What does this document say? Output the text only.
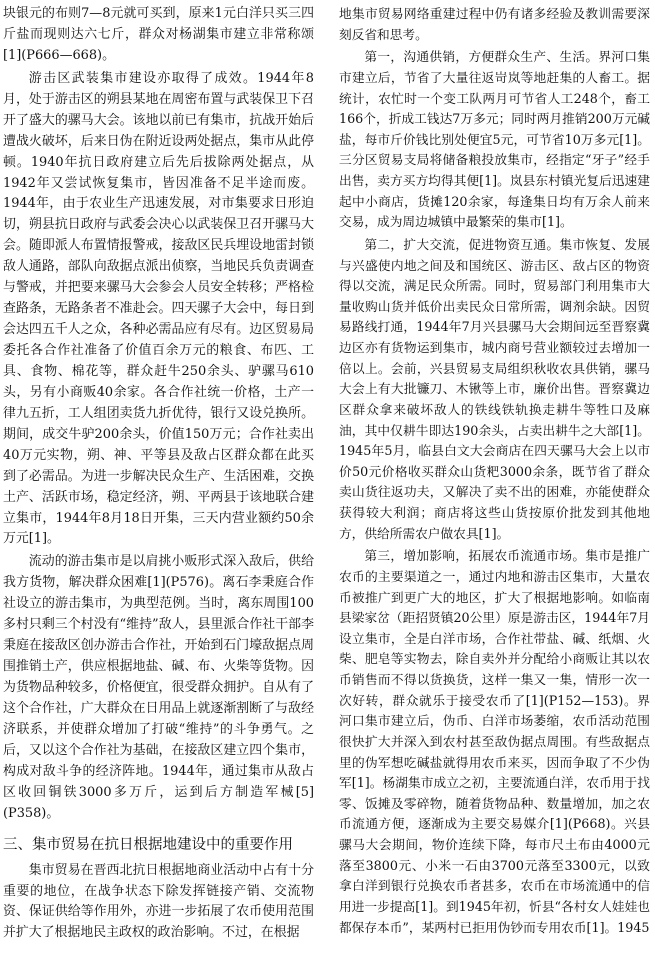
块银元的布则7—8元就可买到，原来1元白洋只买三四斤盐而现则达六七斤，群众对杨湖集市建立非常称颂[1](P666—668)。

游击区武装集市建设亦取得了成效。1944年8月，处于游击区的朔县某地在周密布置与武装保卫下召开了盛大的骡马大会。该地以前已有集市，抗战开始后遭战火破坏，后来日伪在附近设两处据点，集市从此停顿。1940年抗日政府建立后先后拔除两处据点，从1942年又尝试恢复集市，皆因准备不足半途而废。1944年，由于农业生产迅速发展，对市集要求日形迫切，朔县抗日政府与武委会决心以武装保卫召开骡马大会。随即派人布置情报警戒，接敌区民兵埋设地雷封锁敌人通路，部队向敌据点派出侦察，当地民兵负责调查与警戒，并把要来骡马大会参会人员安全转移；严格检查路条，无路条者不准赴会。四天骡子大会中，每日到会达四五千人之众，各种必需品应有尽有。边区贸易局委托各合作社准备了价值百余万元的粮食、布匹、工具、食物、棉花等，群众赶牛250余头、驴骡马610头，另有小商贩40余家。各合作社统一价格，土产一律九五折，工人组团卖货九折优待，银行又设兑换所。期间，成交牛驴200余头，价值150万元；合作社卖出40万元实物，朔、神、平等县及敌占区群众都在此买到了必需品。为进一步解决民众生产、生活困难，交换土产、活跃市场，稳定经济，朔、平两县于该地联合建立集市，1944年8月18日开集，三天内营业额约50余万元[1]。

流动的游击集市是以肩挑小贩形式深入敌后，供给我方货物，解决群众困难[1](P576)。离石李秉庭合作社设立的游击集市，为典型范例。当时，离东周围100多村只剩三个村没有“维持”敌人，县里派合作社干部李秉庭在接敌区创办游击合作社，开始到石门壕敌据点周围推销土产，供应根据地盐、碱、布、火柴等货物。因为货物品种较多，价格便宜，很受群众拥护。自从有了这个合作社，广大群众在日用品上就逐渐割断了与敌经济联系，并使群众增加了打破“维持”的斗争勇气。之后，又以这个合作社为基础，在接敌区建立四个集市，构成对敌斗争的经济阵地。1944年，通过集市从敌占区收回铜铁3000多万斤，运到后方制造军械[5](P358)。

三、集市贸易在抗日根据地建设中的重要作用

集市贸易在晋西北抗日根据地商业活动中占有十分重要的地位，在战争状态下除发挥链接产销、交流物资、保证供给等作用外，亦进一步拓展了农币使用范围并扩大了根据地民主政权的政治影响。不过，在根据

地集市贸易网络重建过程中仍有诸多经验及教训需要深刻反省和思考。

第一，沟通供销，方便群众生产、生活。界河口集市建立后，节省了大量往返岢岚等地赶集的人畜工。据统计，农忙时一个变工队两月可节省人工248个，畜工166个，折成工钱达7万多元；同时两月推销200万元碱盐，每市斤价钱比别处便宜5元，可节省10万多元[1]。三分区贸易支局将储备粮投放集市，经指定“牙子”经手出售，卖方买方均得其便[1]。岚县东村镇光复后迅速建起中小商店，货摊120余家，每逢集日均有万余人前来交易，成为周边城镇中最繁荣的集市[1]。

第二，扩大交流，促进物资互通。集市恢复、发展与兴盛使内地之间及和国统区、游击区、敌占区的物资得以交流，满足民众所需。同时，贸易部门利用集市大量收购山货并低价出卖民众日常所需，调剂余缺。因贸易路线打通，1944年7月兴县骡马大会期间远至晋察冀边区亦有货物运到集市，城内商号营业额较过去增加一倍以上。会前，兴县贸易支局组织秋收农具供销，骡马大会上有大批镰刀、木锹等上市，廉价出售。晋察冀边区群众拿来破坏敌人的铁线铁轨换走耕牛等牲口及麻油，其中仅耕牛即达190余头，占卖出耕牛之大部[1]。1945年5月，临县白文大会商店在四天骡马大会上以市价50元价格收买群众山货粑3000余条，既节省了群众卖山货往返功夫，又解决了卖不出的困难，亦能使群众获得较大利润；商店将这些山货按原价批发到其他地方，供给所需农户做农具[1]。

第三，增加影响，拓展农币流通市场。集市是推广农币的主要渠道之一，通过内地和游击区集市，大量农币被推广到更广大的地区，扩大了根据地影响。如临南县梁家岔（距招贤镇20公里）原是游击区，1944年7月设立集市，全是白洋市场，合作社带盐、碱、纸烟、火柴、肥皂等实物去，除自卖外并分配给小商贩让其以农币销售而不得以货换货，这样一集又一集，情形一次一次好转，群众就乐于接受农币了[1](P152—153)。界河口集市建立后，伪币、白洋市场萎缩，农币活动范围很快扩大并深入到农村甚至敌伪据点周围。有些敌据点里的伪军想吃碱盐就得用农币来买，因而争取了不少伪军[1]。杨湖集市成立之初，主要流通白洋，农币用于找零、饭摊及零碎物，随着货物品种、数量增加，加之农币流通方便，逐渐成为主要交易媒介[1](P668)。兴县骡马大会期间，物价连续下降，每市尺土布由4000元落至3800元、小米一石由3700元落至3300元，以致拿白洋到银行兑换农币者甚多，农币在市场流通中的信用进一步提高[1]。到1945年初，忻县“各村女人娃娃也都保存本币”，某两村已拒用伪钞而专用农币[1]。1945
